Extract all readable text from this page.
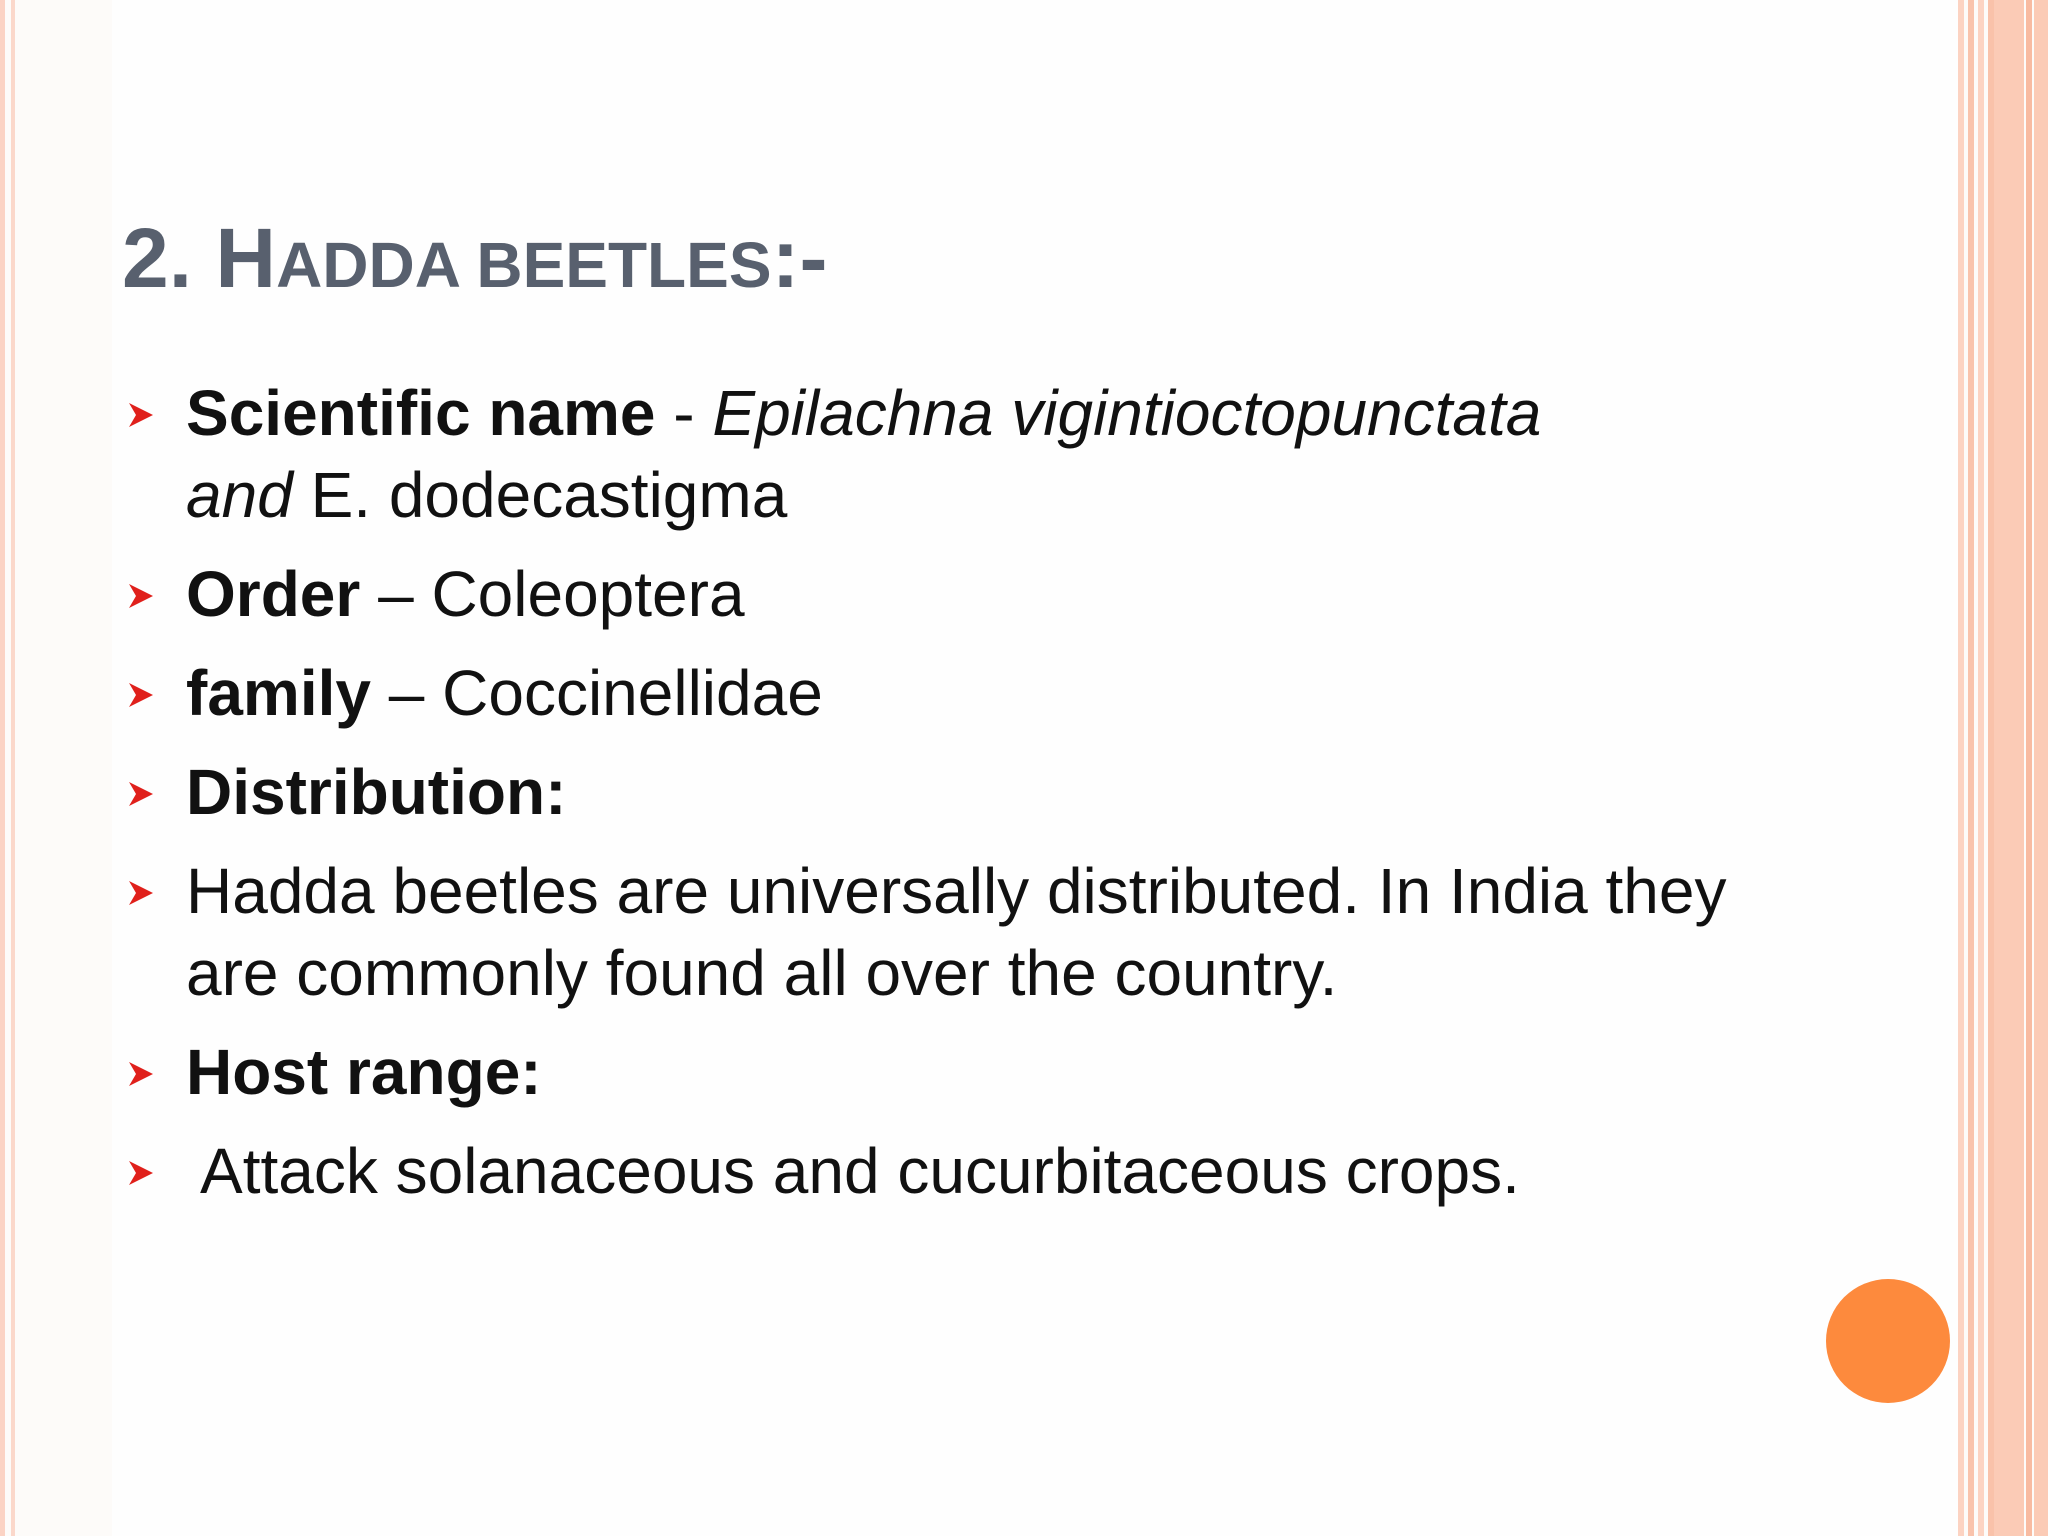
2. HADDA BEETLES:-
Scientific name - Epilachna vigintioctopunctata
and E. dodecastigma
Order – Coleoptera
family – Coccinellidae
Distribution:
Hadda beetles are universally distributed. In India they are commonly found all over the country.
Host range:
Attack solanaceous and cucurbitaceous crops.
